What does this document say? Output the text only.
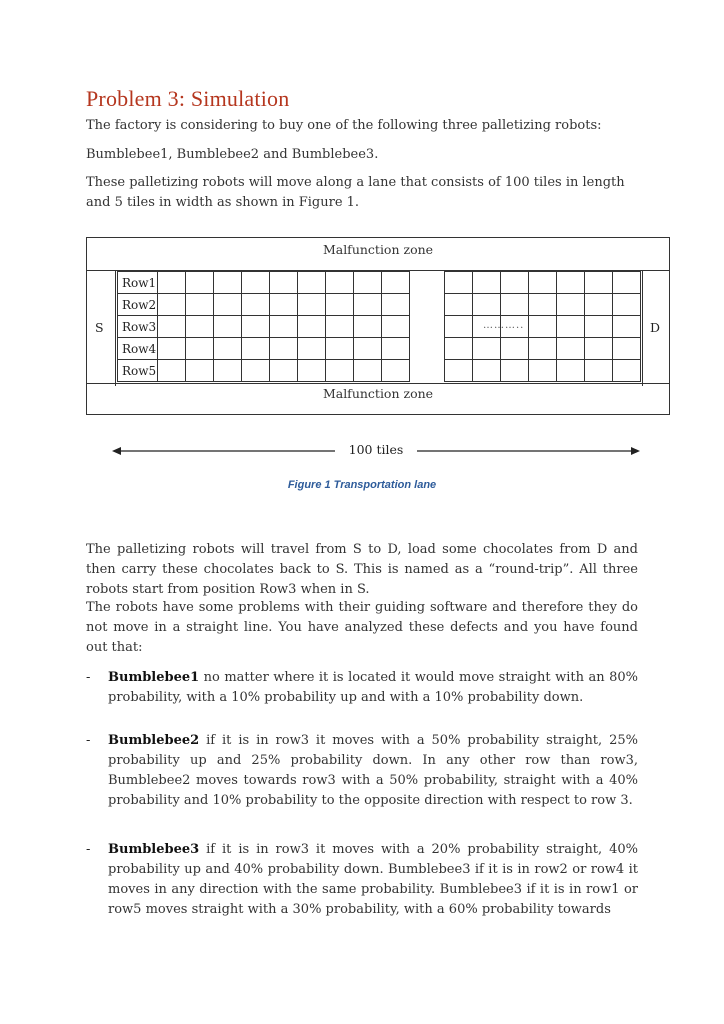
Problem 3: Simulation

The factory is considering to buy one of the following three palletizing robots:

Bumblebee1, Bumblebee2 and Bumblebee3.

These palletizing robots will move along a lane that consists of 100 tiles in length and 5 tiles in width as shown in Figure 1.

Malfunction zone
Malfunction zone
S	D
Row1									
Row2									
Row3									
Row4									
Row5									
………..

100 tiles
Figure 1 Transportation lane

The palletizing robots will travel from S to D, load some chocolates from D and then carry these chocolates back to S. This is named as a “round-trip”. All three robots start from position Row3 when in S.

The robots have some problems with their guiding software and therefore they do not move in a straight line. You have analyzed these defects and you have found out that:

- Bumblebee1 no matter where it is located it would move straight with an 80% probability, with a 10% probability up and with a 10% probability down.
- Bumblebee2 if it is in row3 it moves with a 50% probability straight, 25% probability up and 25% probability down. In any other row than row3, Bumblebee2 moves towards row3 with a 50% probability, straight with a 40% probability and 10% probability to the opposite direction with respect to row 3.
- Bumblebee3 if it is in row3 it moves with a 20% probability straight, 40% probability up and 40% probability down. Bumblebee3 if it is in row2 or row4 it moves in any direction with the same probability. Bumblebee3 if it is in row1 or row5 moves straight with a 30% probability, with a 60% probability towards
